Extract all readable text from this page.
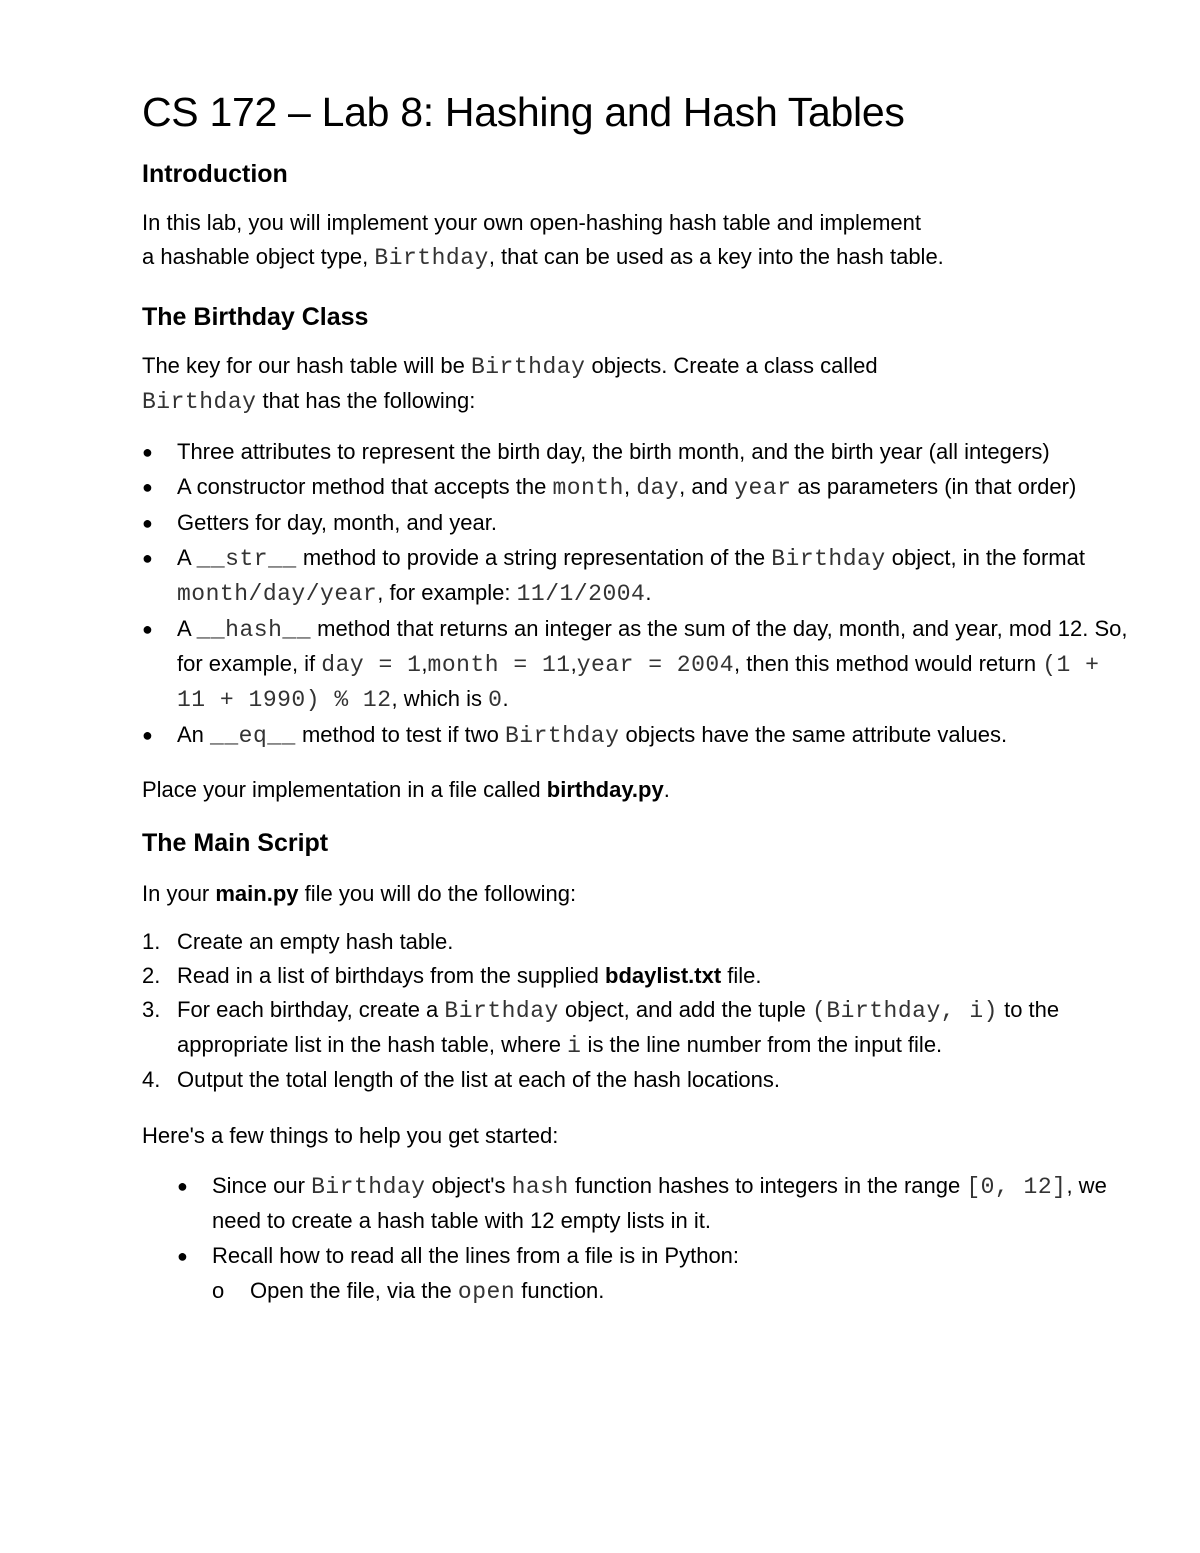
CS 172 – Lab 8: Hashing and Hash Tables
Introduction

In this lab, you will implement your own open-hashing hash table and implement
a hashable object type, Birthday, that can be used as a key into the hash table.

The Birthday Class

The key for our hash table will be Birthday objects. Create a class called
Birthday that has the following:

● Three attributes to represent the birth day, the birth month, and the birth year (all integers)
● A constructor method that accepts the month, day, and year as parameters (in that order)
● Getters for day, month, and year.
● A __str__ method to provide a string representation of the Birthday object, in the format month/day/year, for example: 11/1/2004.
● A __hash__ method that returns an integer as the sum of the day, month, and year, mod 12. So, for example, if day = 1,month = 11,year = 2004, then this method would return (1 + 11 + 1990) % 12, which is 0.
● An __eq__ method to test if two Birthday objects have the same attribute values.

Place your implementation in a file called birthday.py.

The Main Script

In your main.py file you will do the following:

1. Create an empty hash table.
2. Read in a list of birthdays from the supplied bdaylist.txt file.
3. For each birthday, create a Birthday object, and add the tuple (Birthday, i) to the appropriate list in the hash table, where i is the line number from the input file.
4. Output the total length of the list at each of the hash locations.

Here's a few things to help you get started:

● Since our Birthday object's hash function hashes to integers in the range [0, 12], we need to create a hash table with 12 empty lists in it.
● Recall how to read all the lines from a file is in Python:
o Open the file, via the open function.
